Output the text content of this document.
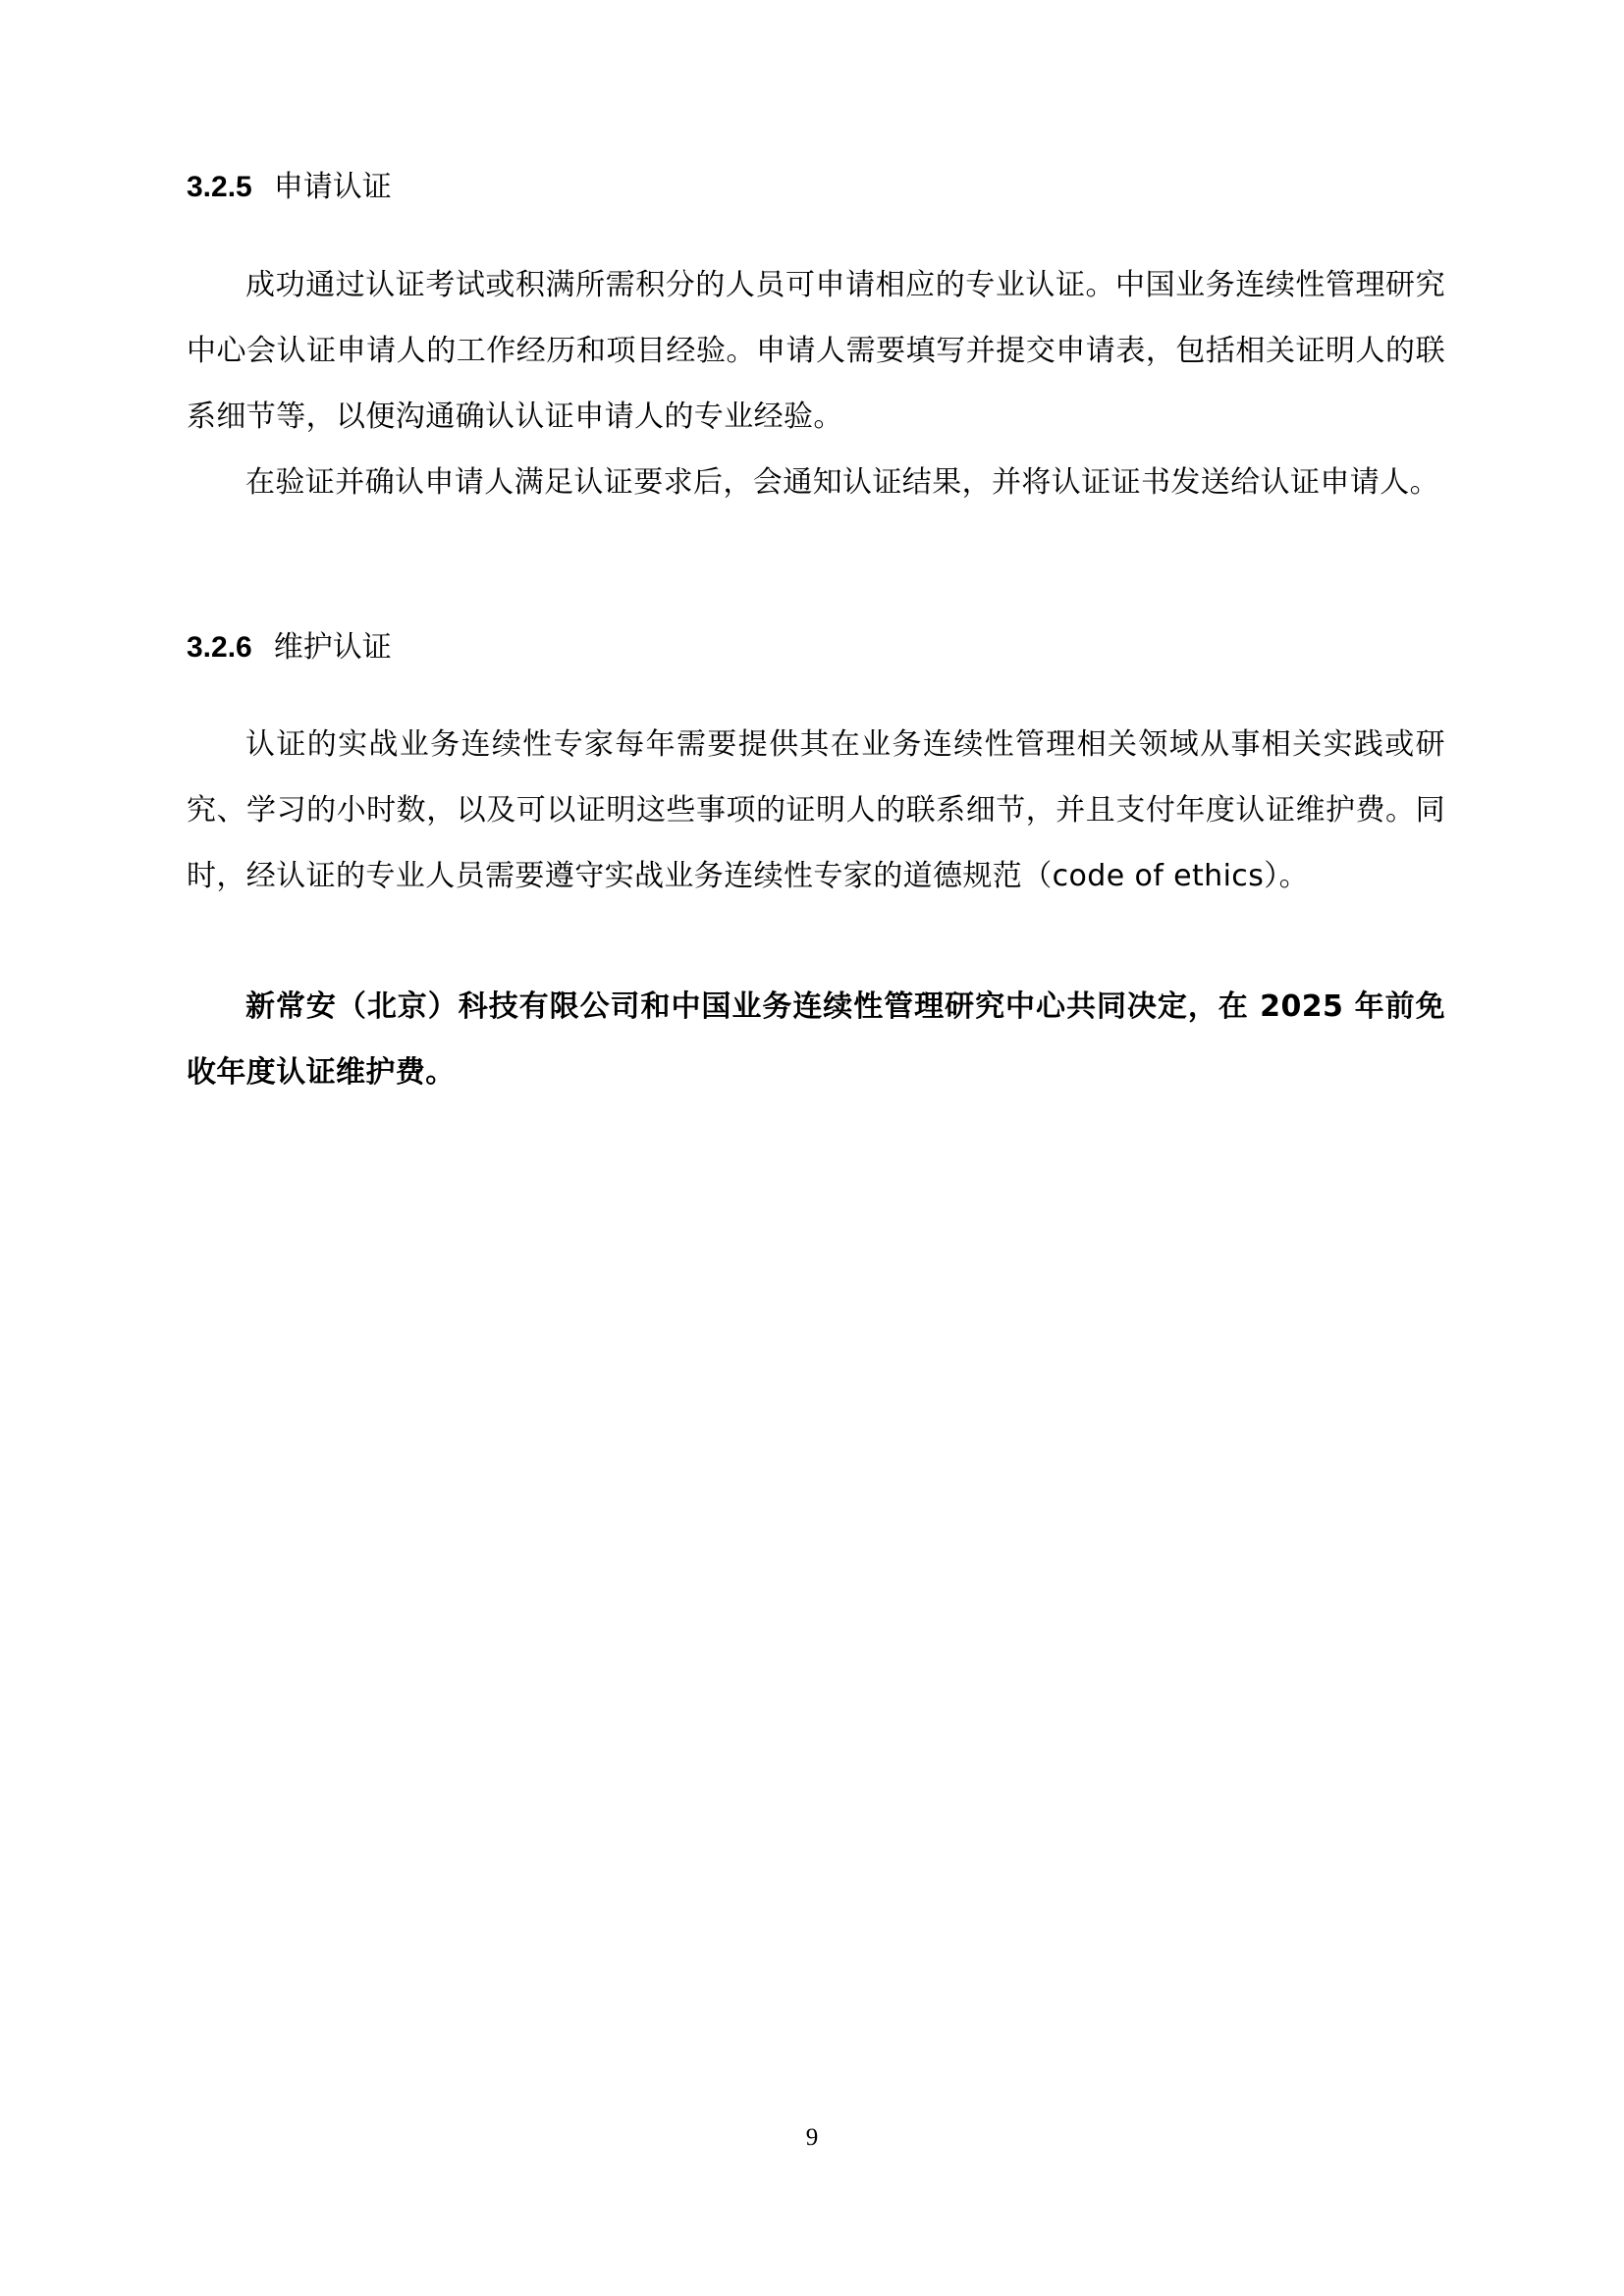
3.2.5 申请认证

成功通过认证考试或积满所需积分的人员可申请相应的专业认证。中国业务连续性管理研究中心会认证申请人的工作经历和项目经验。申请人需要填写并提交申请表，包括相关证明人的联系细节等，以便沟通确认认证申请人的专业经验。

在验证并确认申请人满足认证要求后，会通知认证结果，并将认证证书发送给认证申请人。

3.2.6 维护认证

认证的实战业务连续性专家每年需要提供其在业务连续性管理相关领域从事相关实践或研究、学习的小时数，以及可以证明这些事项的证明人的联系细节，并且支付年度认证维护费。同时，经认证的专业人员需要遵守实战业务连续性专家的道德规范（code of ethics）。

新常安（北京）科技有限公司和中国业务连续性管理研究中心共同决定，在 2025 年前免收年度认证维护费。

9
